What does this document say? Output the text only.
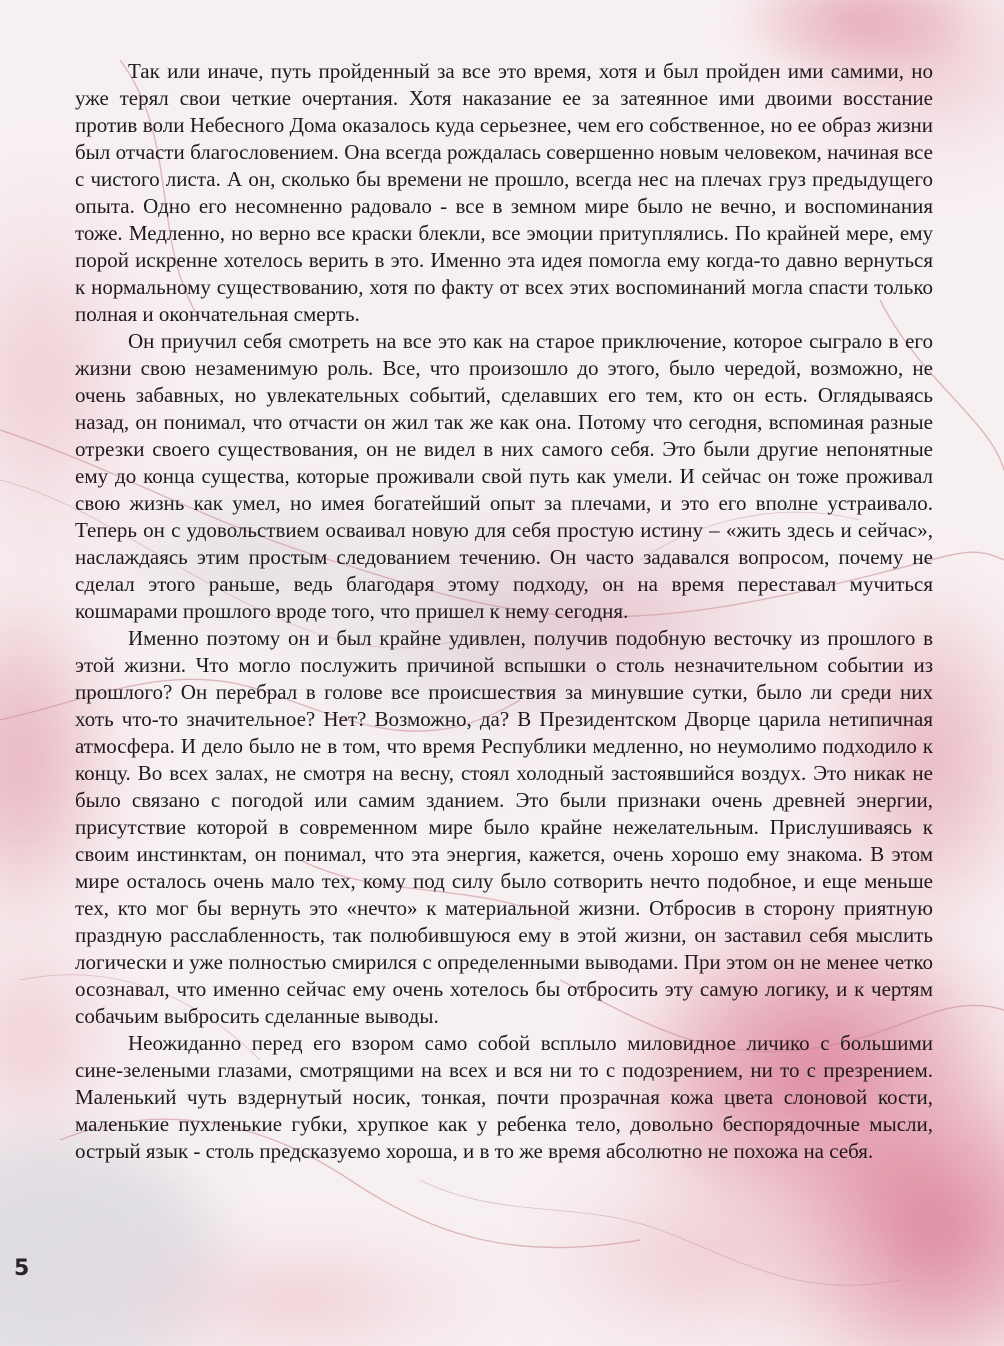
Так или иначе, путь пройденный за все это время, хотя и был пройден ими самими, но уже терял свои четкие очертания. Хотя наказание ее за затеянное ими двоими восстание против воли Небесного Дома оказалось куда серьезнее, чем его собственное, но ее образ жизни был отчасти благословением. Она всегда рождалась совершенно новым человеком, начиная все с чистого листа. А он, сколько бы времени не прошло, всегда нес на плечах груз предыдущего опыта. Одно его несомненно радовало - все в земном мире было не вечно, и воспоминания тоже. Медленно, но верно все краски блекли, все эмоции притуплялись. По крайней мере, ему порой искренне хотелось верить в это. Именно эта идея помогла ему когда-то давно вернуться к нормальному существованию, хотя по факту от всех этих воспоминаний могла спасти только полная и окончательная смерть.

Он приучил себя смотреть на все это как на старое приключение, которое сыграло в его жизни свою незаменимую роль. Все, что произошло до этого, было чередой, возможно, не очень забавных, но увлекательных событий, сделавших его тем, кто он есть. Оглядываясь назад, он понимал, что отчасти он жил так же как она. Потому что сегодня, вспоминая разные отрезки своего существования, он не видел в них самого себя. Это были другие непонятные ему до конца существа, которые проживали свой путь как умели. И сейчас он тоже проживал свою жизнь как умел, но имея богатейший опыт за плечами, и это его вполне устраивало. Теперь он с удовольствием осваивал новую для себя простую истину – «жить здесь и сейчас», наслаждаясь этим простым следованием течению. Он часто задавался вопросом, почему не сделал этого раньше, ведь благодаря этому подходу, он на время переставал мучиться кошмарами прошлого вроде того, что пришел к нему сегодня.

Именно поэтому он и был крайне удивлен, получив подобную весточку из прошлого в этой жизни. Что могло послужить причиной вспышки о столь незначительном событии из прошлого? Он перебрал в голове все происшествия за минувшие сутки, было ли среди них хоть что-то значительное? Нет? Возможно, да? В Президентском Дворце царила нетипичная атмосфера. И дело было не в том, что время Республики медленно, но неумолимо подходило к концу. Во всех залах, не смотря на весну, стоял холодный застоявшийся воздух. Это никак не было связано с погодой или самим зданием. Это были признаки очень древней энергии, присутствие которой в современном мире было крайне нежелательным. Прислушиваясь к своим инстинктам, он понимал, что эта энергия, кажется, очень хорошо ему знакома. В этом мире осталось очень мало тех, кому под силу было сотворить нечто подобное, и еще меньше тех, кто мог бы вернуть это «нечто» к материальной жизни. Отбросив в сторону приятную праздную расслабленность, так полюбившуюся ему в этой жизни, он заставил себя мыслить логически и уже полностью смирился с определенными выводами. При этом он не менее четко осознавал, что именно сейчас ему очень хотелось бы отбросить эту самую логику, и к чертям собачьим выбросить сделанные выводы.

Неожиданно перед его взором само собой всплыло миловидное личико с большими сине-зелеными глазами, смотрящими на всех и вся ни то с подозрением, ни то с презрением. Маленький чуть вздернутый носик, тонкая, почти прозрачная кожа цвета слоновой кости, маленькие пухленькие губки, хрупкое как у ребенка тело, довольно беспорядочные мысли, острый язык - столь предсказуемо хороша, и в то же время абсолютно не похожа на себя.

5
